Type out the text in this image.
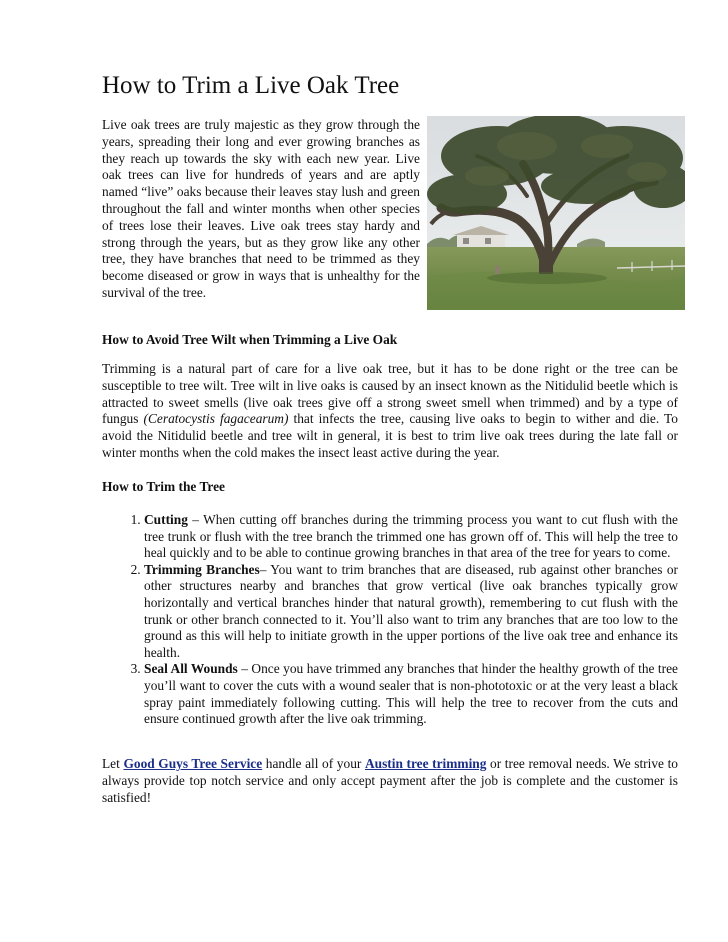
How to Trim a Live Oak Tree

Live oak trees are truly majestic as they grow through the years, spreading their long and ever growing branches as they reach up towards the sky with each new year. Live oak trees can live for hundreds of years and are aptly named “live” oaks because their leaves stay lush and green throughout the fall and winter months when other species of trees lose their leaves. Live oak trees stay hardy and strong through the years, but as they grow like any other tree, they have branches that need to be trimmed as they become diseased or grow in ways that is unhealthy for the survival of the tree.

How to Avoid Tree Wilt when Trimming a Live Oak

Trimming is a natural part of care for a live oak tree, but it has to be done right or the tree can be susceptible to tree wilt. Tree wilt in live oaks is caused by an insect known as the Nitidulid beetle which is attracted to sweet smells (live oak trees give off a strong sweet smell when trimmed) and by a type of fungus (Ceratocystis fagacearum) that infects the tree, causing live oaks to begin to wither and die. To avoid the Nitidulid beetle and tree wilt in general, it is best to trim live oak trees during the late fall or winter months when the cold makes the insect least active during the year.

How to Trim the Tree

1. Cutting – When cutting off branches during the trimming process you want to cut flush with the tree trunk or flush with the tree branch the trimmed one has grown off of. This will help the tree to heal quickly and to be able to continue growing branches in that area of the tree for years to come.
2. Trimming Branches– You want to trim branches that are diseased, rub against other branches or other structures nearby and branches that grow vertical (live oak branches typically grow horizontally and vertical branches hinder that natural growth), remembering to cut flush with the trunk or other branch connected to it. You’ll also want to trim any branches that are too low to the ground as this will help to initiate growth in the upper portions of the live oak tree and enhance its health.
3. Seal All Wounds – Once you have trimmed any branches that hinder the healthy growth of the tree you’ll want to cover the cuts with a wound sealer that is non-phototoxic or at the very least a black spray paint immediately following cutting. This will help the tree to recover from the cuts and ensure continued growth after the live oak trimming.

Let Good Guys Tree Service handle all of your Austin tree trimming or tree removal needs. We strive to always provide top notch service and only accept payment after the job is complete and the customer is satisfied!
